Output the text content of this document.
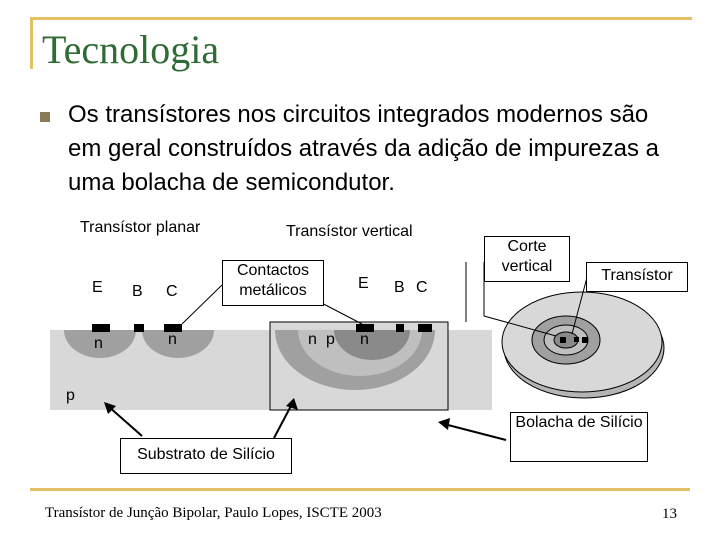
Tecnologia
Os transístores nos circuitos integrados modernos são em geral construídos através da adição de impurezas a uma bolacha de semicondutor.
Transístor planar	Transístor vertical
E B C
Contactos metálicos	E B C
n	n	n p n
p
Corte vertical
Transístor
Substrato de Silício
Bolacha de Silício
Transístor de Junção Bipolar, Paulo Lopes, ISCTE 2003	13
